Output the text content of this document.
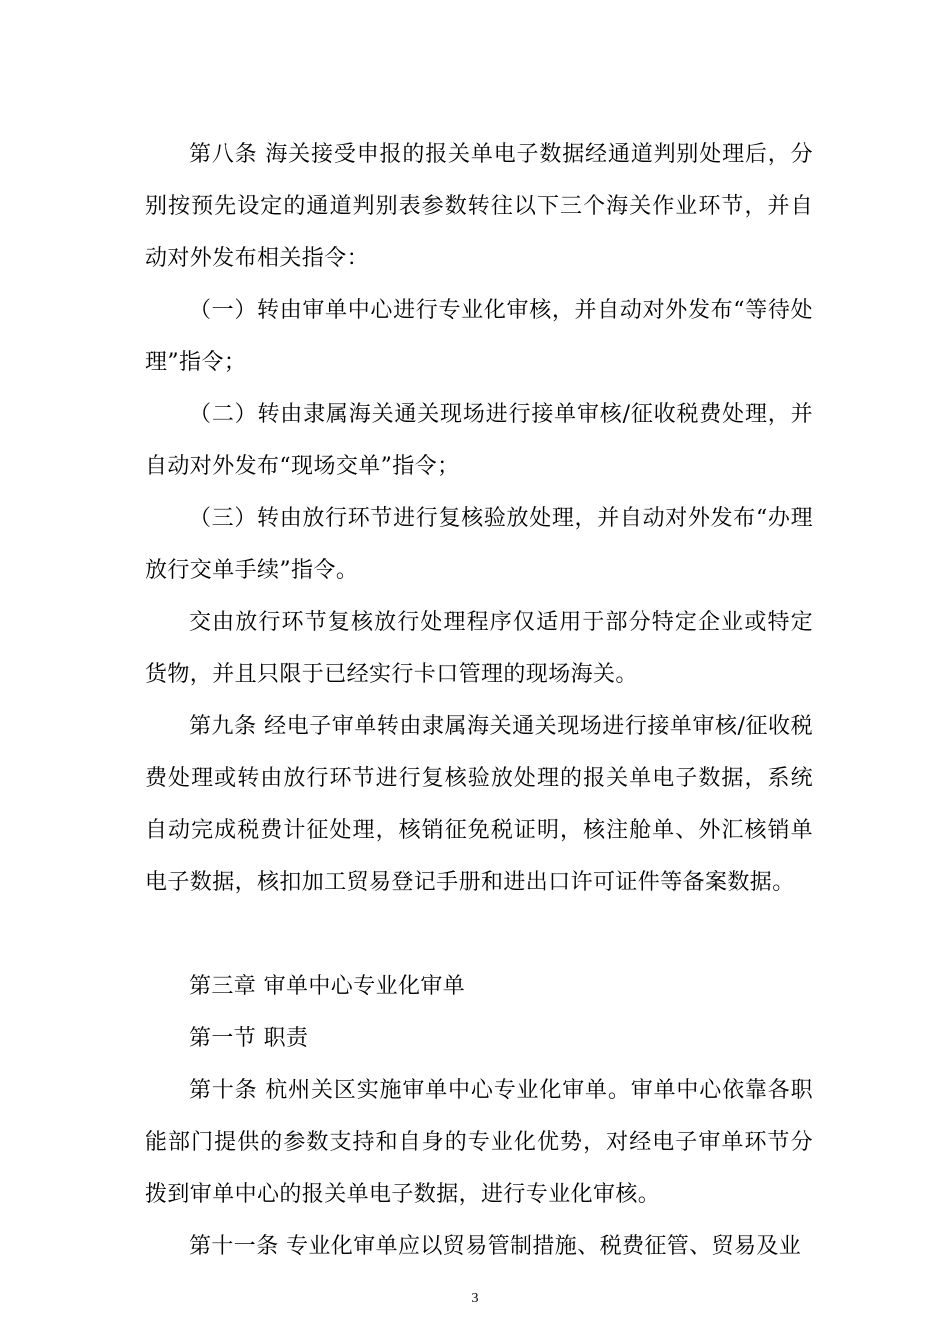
第八条 海关接受申报的报关单电子数据经通道判别处理后，分别按预先设定的通道判别表参数转往以下三个海关作业环节，并自动对外发布相关指令：

（一）转由审单中心进行专业化审核，并自动对外发布“等待处理”指令；

（二）转由隶属海关通关现场进行接单审核/征收税费处理，并自动对外发布“现场交单”指令；

（三）转由放行环节进行复核验放处理，并自动对外发布“办理放行交单手续”指令。

交由放行环节复核放行处理程序仅适用于部分特定企业或特定货物，并且只限于已经实行卡口管理的现场海关。

第九条 经电子审单转由隶属海关通关现场进行接单审核/征收税费处理或转由放行环节进行复核验放处理的报关单电子数据，系统自动完成税费计征处理，核销征免税证明，核注舱单、外汇核销单电子数据，核扣加工贸易登记手册和进出口许可证件等备案数据。

第三章 审单中心专业化审单

第一节 职责

第十条 杭州关区实施审单中心专业化审单。审单中心依靠各职能部门提供的参数支持和自身的专业化优势，对经电子审单环节分拨到审单中心的报关单电子数据，进行专业化审核。

第十一条 专业化审单应以贸易管制措施、税费征管、贸易及业

3
